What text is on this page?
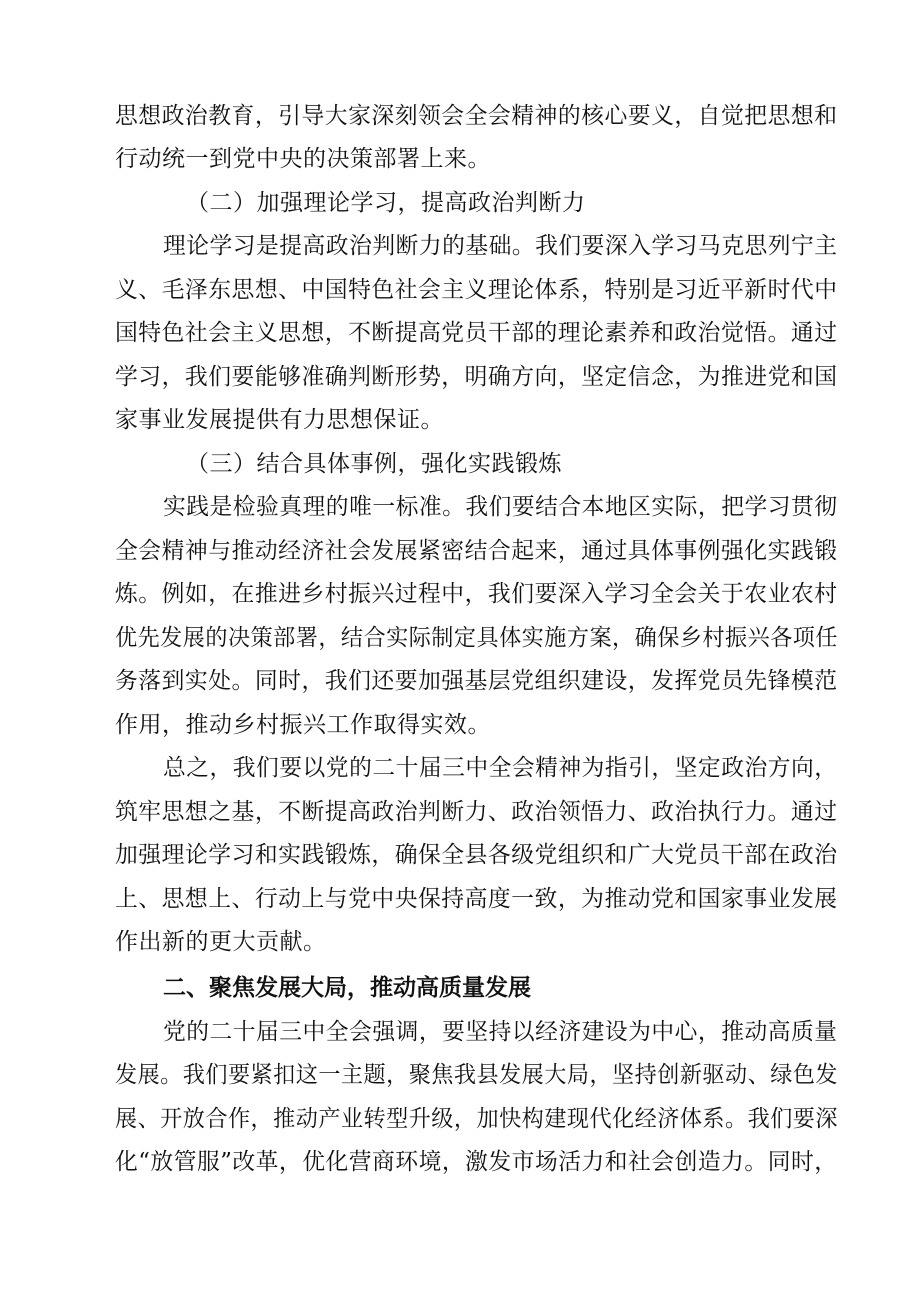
思想政治教育，引导大家深刻领会全会精神的核心要义，自觉把思想和

行动统一到党中央的决策部署上来。

（二）加强理论学习，提高政治判断力

理论学习是提高政治判断力的基础。我们要深入学习马克思列宁主

义、毛泽东思想、中国特色社会主义理论体系，特别是习近平新时代中

国特色社会主义思想，不断提高党员干部的理论素养和政治觉悟。通过

学习，我们要能够准确判断形势，明确方向，坚定信念，为推进党和国

家事业发展提供有力思想保证。

（三）结合具体事例，强化实践锻炼

实践是检验真理的唯一标准。我们要结合本地区实际，把学习贯彻

全会精神与推动经济社会发展紧密结合起来，通过具体事例强化实践锻

炼。例如，在推进乡村振兴过程中，我们要深入学习全会关于农业农村

优先发展的决策部署，结合实际制定具体实施方案，确保乡村振兴各项任

务落到实处。同时，我们还要加强基层党组织建设，发挥党员先锋模范

作用，推动乡村振兴工作取得实效。

总之，我们要以党的二十届三中全会精神为指引，坚定政治方向，

筑牢思想之基，不断提高政治判断力、政治领悟力、政治执行力。通过

加强理论学习和实践锻炼，确保全县各级党组织和广大党员干部在政治

上、思想上、行动上与党中央保持高度一致，为推动党和国家事业发展

作出新的更大贡献。

二、聚焦发展大局，推动高质量发展

党的二十届三中全会强调，要坚持以经济建设为中心，推动高质量

发展。我们要紧扣这一主题，聚焦我县发展大局，坚持创新驱动、绿色发

展、开放合作，推动产业转型升级，加快构建现代化经济体系。我们要深

化“放管服”改革，优化营商环境，激发市场活力和社会创造力。同时，
